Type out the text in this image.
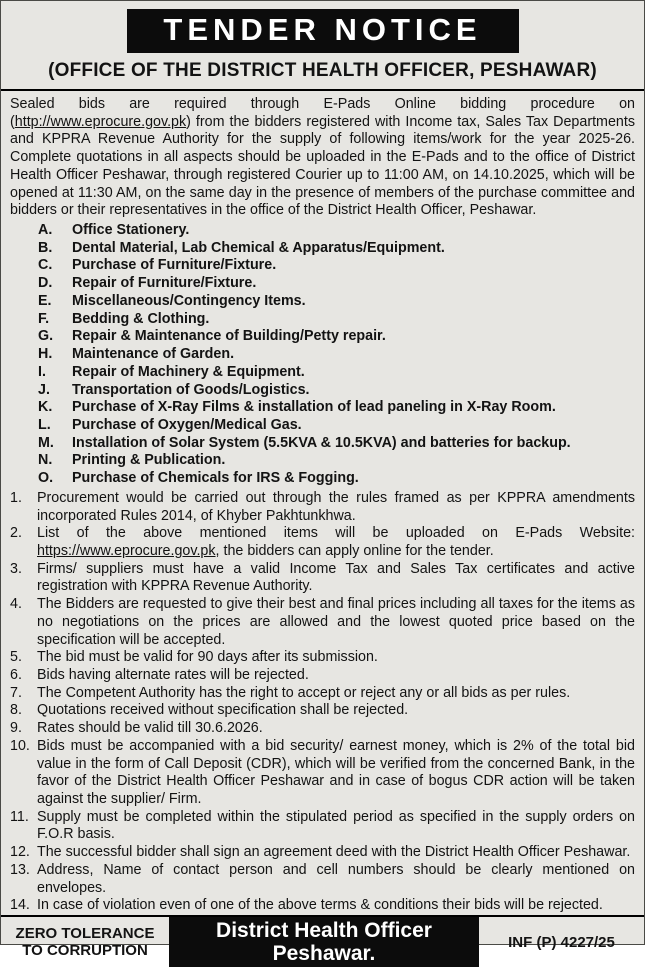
TENDER NOTICE
(OFFICE OF THE DISTRICT HEALTH OFFICER, PESHAWAR)

Sealed bids are required through E-Pads Online bidding procedure on (http://www.eprocure.gov.pk) from the bidders registered with Income tax, Sales Tax Departments and KPPRA Revenue Authority for the supply of following items/work for the year 2025-26. Complete quotations in all aspects should be uploaded in the E-Pads and to the office of District Health Officer Peshawar, through registered Courier up to 11:00 AM, on 14.10.2025, which will be opened at 11:30 AM, on the same day in the presence of members of the purchase committee and bidders or their representatives in the office of the District Health Officer, Peshawar.

A.	Office Stationery.
B.	Dental Material, Lab Chemical & Apparatus/Equipment.
C.	Purchase of Furniture/Fixture.
D.	Repair of Furniture/Fixture.
E.	Miscellaneous/Contingency Items.
F.	Bedding & Clothing.
G.	Repair & Maintenance of Building/Petty repair.
H.	Maintenance of Garden.
I.	Repair of Machinery & Equipment.
J.	Transportation of Goods/Logistics.
K.	Purchase of X-Ray Films & installation of lead paneling in X-Ray Room.
L.	Purchase of Oxygen/Medical Gas.
M.	Installation of Solar System (5.5KVA & 10.5KVA) and batteries for backup.
N.	Printing & Publication.
O.	Purchase of Chemicals for IRS & Fogging.
1.	Procurement would be carried out through the rules framed as per KPPRA amendments incorporated Rules 2014, of Khyber Pakhtunkhwa.
2.	List of the above mentioned items will be uploaded on E-Pads Website: https://www.eprocure.gov.pk, the bidders can apply online for the tender.
3.	Firms/ suppliers must have a valid Income Tax and Sales Tax certificates and active registration with KPPRA Revenue Authority.
4.	The Bidders are requested to give their best and final prices including all taxes for the items as no negotiations on the prices are allowed and the lowest quoted price based on the specification will be accepted.
5.	The bid must be valid for 90 days after its submission.
6.	Bids having alternate rates will be rejected.
7.	The Competent Authority has the right to accept or reject any or all bids as per rules.
8.	Quotations received without specification shall be rejected.
9.	Rates should be valid till 30.6.2026.
10. Bids must be accompanied with a bid security/ earnest money, which is 2% of the total bid value in the form of Call Deposit (CDR), which will be verified from the concerned Bank, in the favor of the District Health Officer Peshawar and in case of bogus CDR action will be taken against the supplier/ Firm.
11. Supply must be completed within the stipulated period as specified in the supply orders on F.O.R basis.
12. The successful bidder shall sign an agreement deed with the District Health Officer Peshawar.
13. Address, Name of contact person and cell numbers should be clearly mentioned on envelopes.
14. In case of violation even of one of the above terms & conditions their bids will be rejected.
ZERO TOLERANCE
TO CORRUPTION
District Health Officer
Peshawar.	INF (P) 4227/25
